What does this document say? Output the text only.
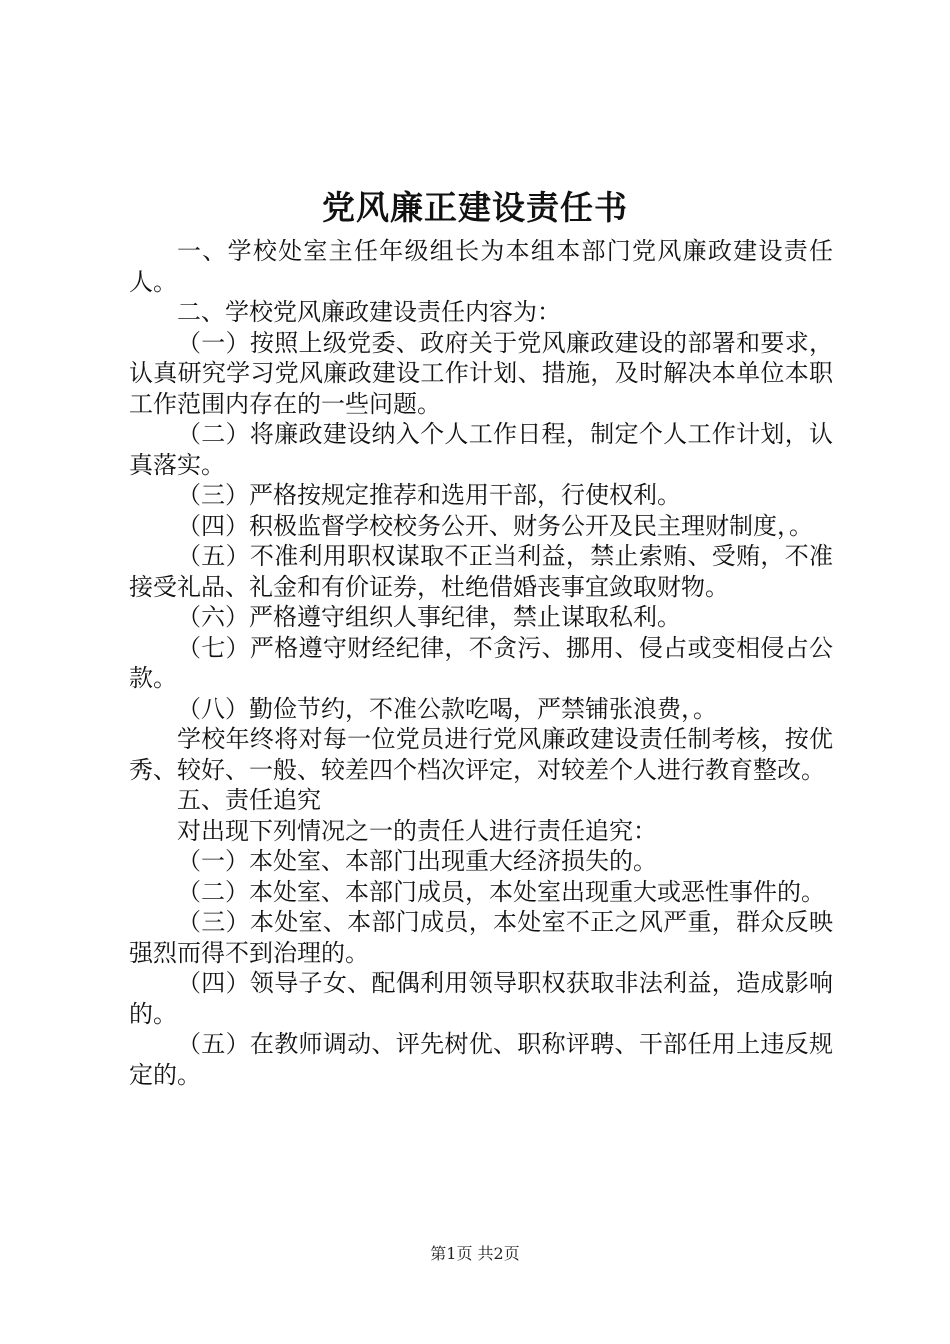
党风廉正建设责任书

一、学校处室主任年级组长为本组本部门党风廉政建设责任人。

二、学校党风廉政建设责任内容为：

（一）按照上级党委、政府关于党风廉政建设的部署和要求，认真研究学习党风廉政建设工作计划、措施，及时解决本单位本职工作范围内存在的一些问题。

（二）将廉政建设纳入个人工作日程，制定个人工作计划，认真落实。

（三）严格按规定推荐和选用干部，行使权利。

（四）积极监督学校校务公开、财务公开及民主理财制度，。

（五）不准利用职权谋取不正当利益，禁止索贿、受贿，不准接受礼品、礼金和有价证券，杜绝借婚丧事宜敛取财物。

（六）严格遵守组织人事纪律，禁止谋取私利。

（七）严格遵守财经纪律，不贪污、挪用、侵占或变相侵占公款。

（八）勤俭节约，不准公款吃喝，严禁铺张浪费，。

学校年终将对每一位党员进行党风廉政建设责任制考核，按优秀、较好、一般、较差四个档次评定，对较差个人进行教育整改。

五、责任追究

对出现下列情况之一的责任人进行责任追究：

（一）本处室、本部门出现重大经济损失的。

（二）本处室、本部门成员，本处室出现重大或恶性事件的。

（三）本处室、本部门成员，本处室不正之风严重，群众反映强烈而得不到治理的。

（四）领导子女、配偶利用领导职权获取非法利益，造成影响的。

（五）在教师调动、评先树优、职称评聘、干部任用上违反规定的。

第1页 共2页
